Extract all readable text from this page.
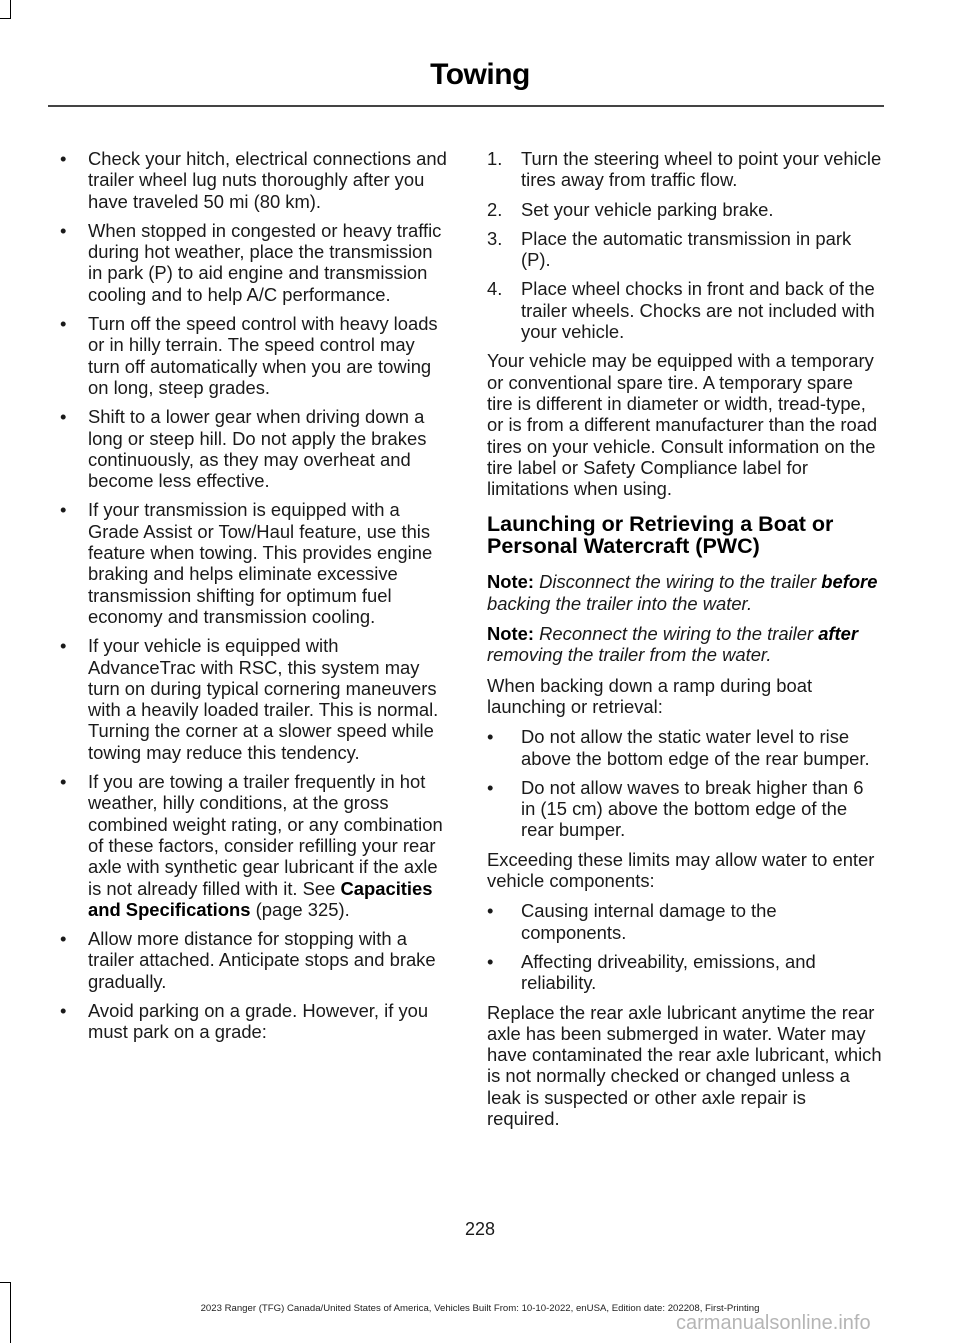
Towing
• Check your hitch, electrical connections and trailer wheel lug nuts thoroughly after you have traveled 50 mi (80 km).
• When stopped in congested or heavy traffic during hot weather, place the transmission in park (P) to aid engine and transmission cooling and to help A/C performance.
• Turn off the speed control with heavy loads or in hilly terrain. The speed control may turn off automatically when you are towing on long, steep grades.
• Shift to a lower gear when driving down a long or steep hill. Do not apply the brakes continuously, as they may overheat and become less effective.
• If your transmission is equipped with a Grade Assist or Tow/Haul feature, use this feature when towing. This provides engine braking and helps eliminate excessive transmission shifting for optimum fuel economy and transmission cooling.
• If your vehicle is equipped with AdvanceTrac with RSC, this system may turn on during typical cornering maneuvers with a heavily loaded trailer. This is normal. Turning the corner at a slower speed while towing may reduce this tendency.
• If you are towing a trailer frequently in hot weather, hilly conditions, at the gross combined weight rating, or any combination of these factors, consider refilling your rear axle with synthetic gear lubricant if the axle is not already filled with it. See Capacities and Specifications (page 325).
• Allow more distance for stopping with a trailer attached. Anticipate stops and brake gradually.
• Avoid parking on a grade. However, if you must park on a grade:
1. Turn the steering wheel to point your vehicle tires away from traffic flow.
2. Set your vehicle parking brake.
3. Place the automatic transmission in park (P).
4. Place wheel chocks in front and back of the trailer wheels. Chocks are not included with your vehicle.

Your vehicle may be equipped with a temporary or conventional spare tire. A temporary spare tire is different in diameter or width, tread-type, or is from a different manufacturer than the road tires on your vehicle. Consult information on the tire label or Safety Compliance label for limitations when using.

Launching or Retrieving a Boat or Personal Watercraft (PWC)

Note: Disconnect the wiring to the trailer before backing the trailer into the water.

Note: Reconnect the wiring to the trailer after removing the trailer from the water.

When backing down a ramp during boat launching or retrieval:

• Do not allow the static water level to rise above the bottom edge of the rear bumper.
• Do not allow waves to break higher than 6 in (15 cm) above the bottom edge of the rear bumper.

Exceeding these limits may allow water to enter vehicle components:

• Causing internal damage to the components.
• Affecting driveability, emissions, and reliability.

Replace the rear axle lubricant anytime the rear axle has been submerged in water. Water may have contaminated the rear axle lubricant, which is not normally checked or changed unless a leak is suspected or other axle repair is required.

228
2023 Ranger (TFG) Canada/United States of America, Vehicles Built From: 10-10-2022, enUSA, Edition date: 202208, First-Printing
carmanualsonline.info
